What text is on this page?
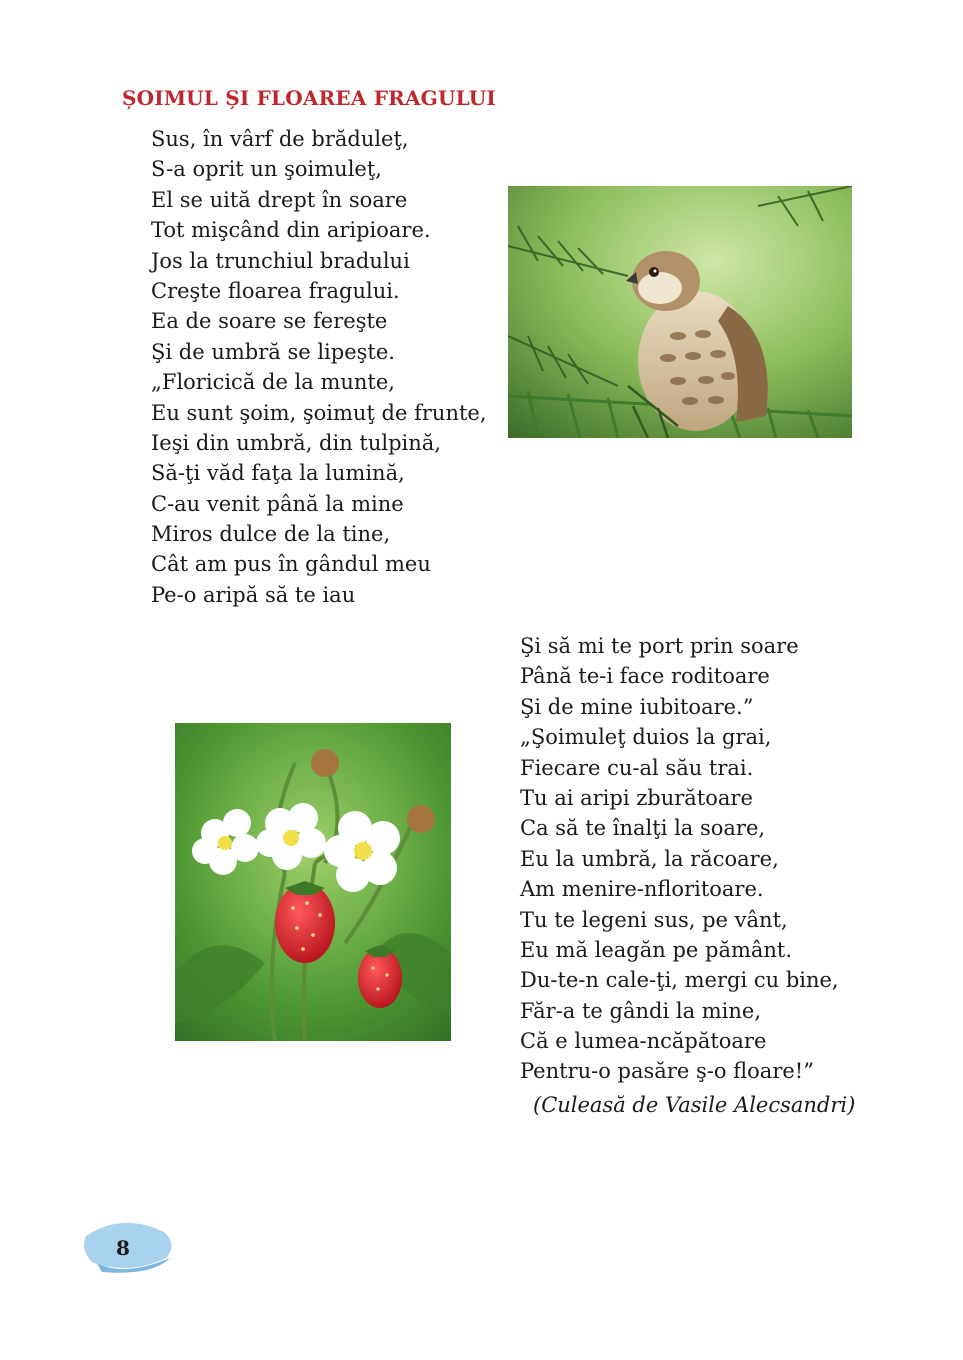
ȘOIMUL ȘI FLOAREA FRAGULUI
Sus, în vârf de brăduleţ,
S-a oprit un şoimuleţ,
El se uită drept în soare
Tot mişcând din aripioare.
Jos la trunchiul bradului
Creşte floarea fragului.
Ea de soare se fereşte
Şi de umbră se lipeşte.
„Floricică de la munte,
Eu sunt şoim, şoimuţ de frunte,
Ieşi din umbră, din tulpină,
Să-ţi văd faţa la lumină,
C-au venit până la mine
Miros dulce de la tine,
Cât am pus în gândul meu
Pe-o aripă să te iau
Şi să mi te port prin soare
Până te-i face roditoare
Şi de mine iubitoare.”
„Şoimuleţ duios la grai,
Fiecare cu-al său trai.
Tu ai aripi zburătoare
Ca să te înalţi la soare,
Eu la umbră, la răcoare,
Am menire-nfloritoare.
Tu te legeni sus, pe vânt,
Eu mă leagăn pe pământ.
Du-te-n cale-ţi, mergi cu bine,
Făr-a te gândi la mine,
Că e lumea-ncăpătoare
Pentru-o pasăre ş-o floare!”
(Culeasă de Vasile Alecsandri)
8
